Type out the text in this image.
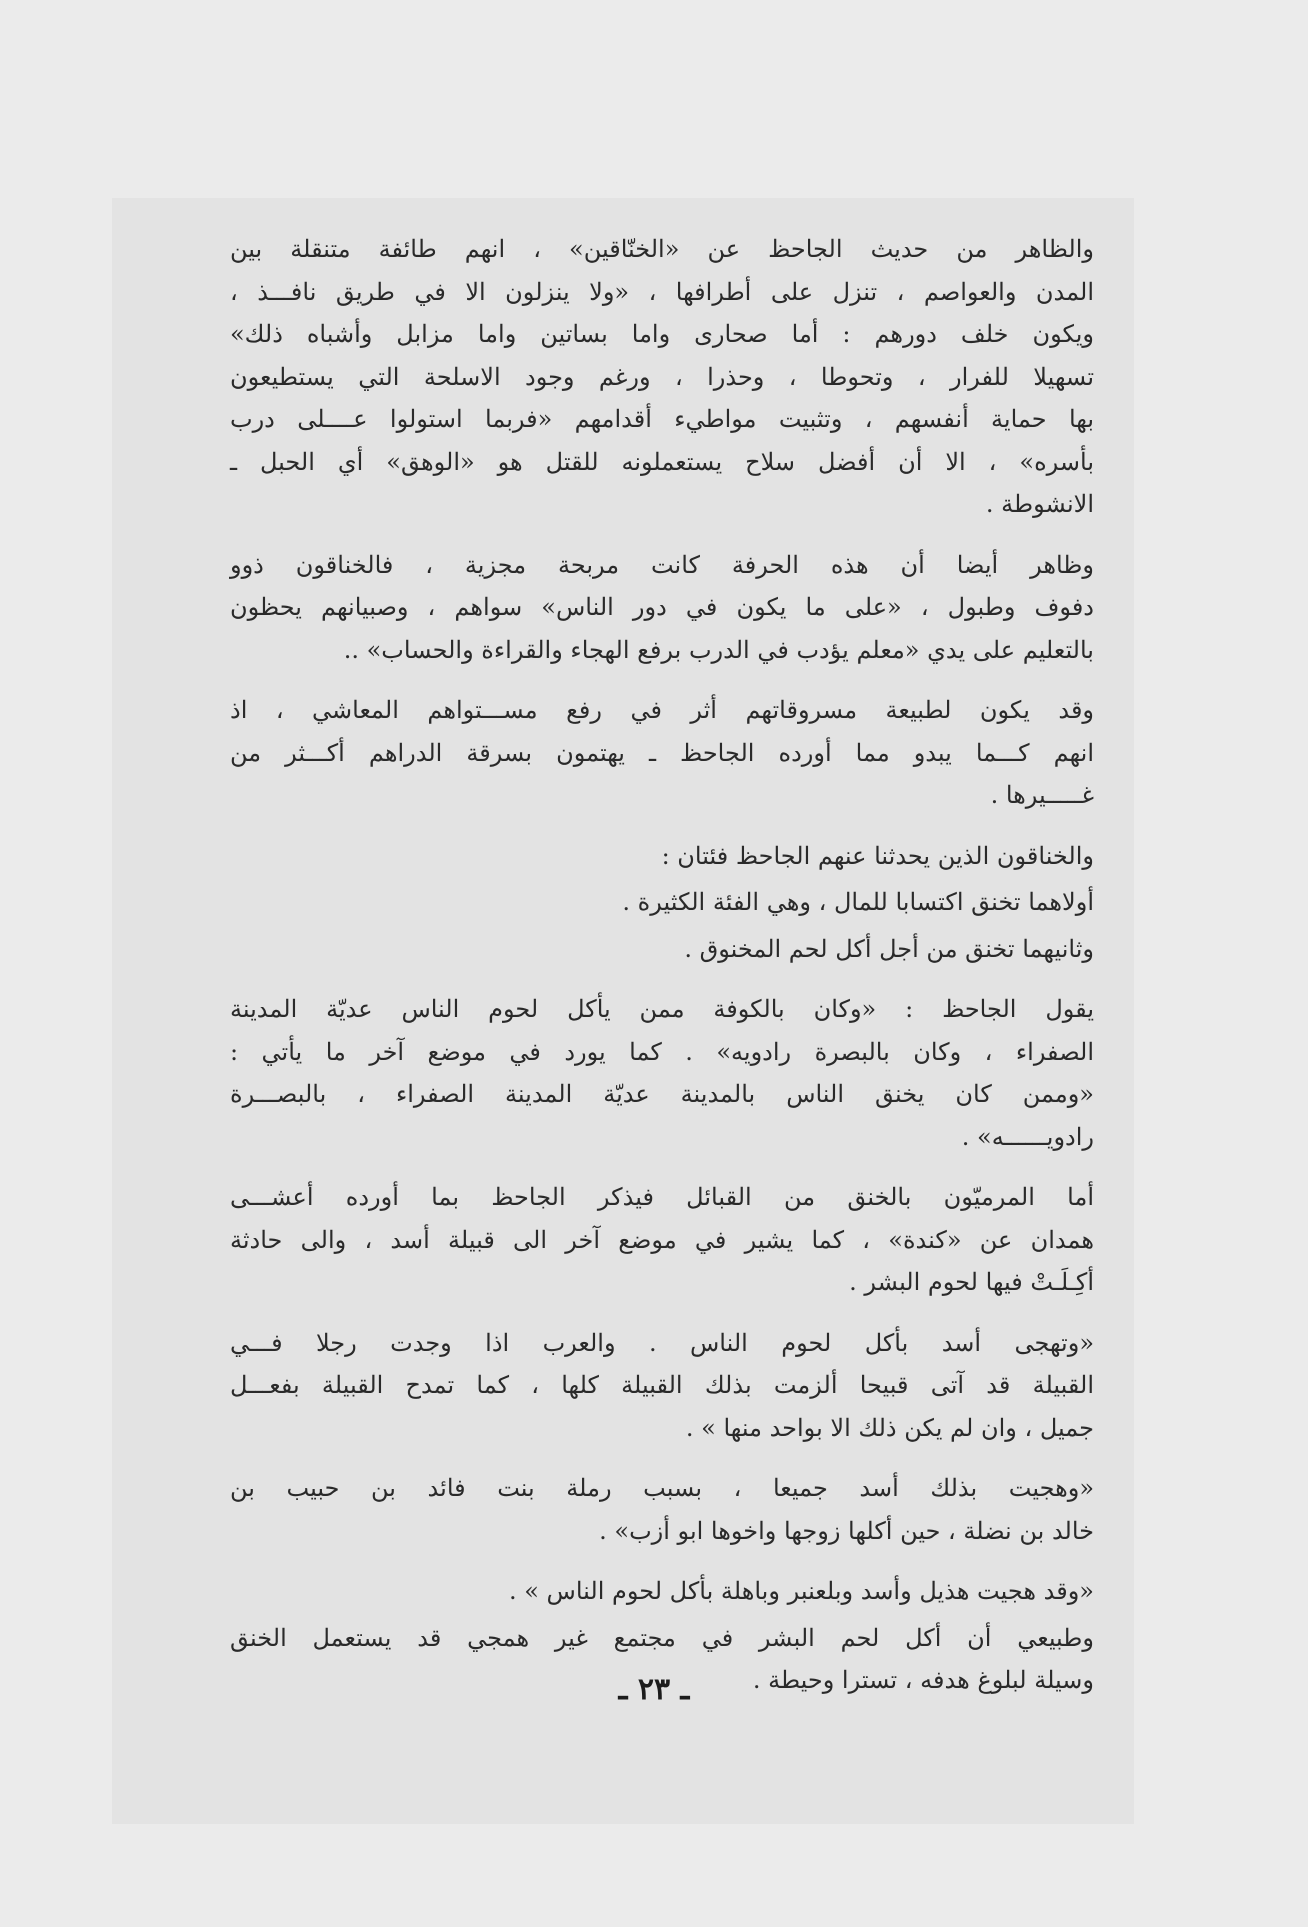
والظاهر من حديث الجاحظ عن «الخنّاقين» ، انهم طائفة متنقلة بين
المدن والعواصم ، تنزل على أطرافها ، «ولا ينزلون الا في طريق نافـــذ ،
ويكون خلف دورهم : أما صحارى واما بساتين واما مزابل وأشباه ذلك»
تسهيلا للفرار ، وتحوطا ، وحذرا ، ورغم وجود الاسلحة التي يستطيعون
بها حماية أنفسهم ، وتثبيت مواطيء أقدامهم «فربما استولوا عــــلى درب
بأسره» ، الا أن أفضل سلاح يستعملونه للقتل هو «الوهق» أي الحبل ـ
الانشوطة .

وظاهر أيضا أن هذه الحرفة كانت مربحة مجزية ، فالخناقون ذوو
دفوف وطبول ، «على ما يكون في دور الناس» سواهم ، وصبيانهم يحظون
بالتعليم على يدي «معلم يؤدب في الدرب برفع الهجاء والقراءة والحساب» ..

وقد يكون لطبيعة مسروقاتهم أثر في رفع مســـتواهم المعاشي ، اذ
انهم كـــما يبدو مما أورده الجاحظ ـ يهتمون بسرقة الدراهم أكـــثر من
غـــــيرها .

والخناقون الذين يحدثنا عنهم الجاحظ فئتان :

أولاهما تخنق اكتسابا للمال ، وهي الفئة الكثيرة .

وثانيهما تخنق من أجل أكل لحم المخنوق .

يقول الجاحظ : «وكان بالكوفة ممن يأكل لحوم الناس عديّة المدينة
الصفراء ، وكان بالبصرة رادويه» . كما يورد في موضع آخر ما يأتي :
«وممن كان يخنق الناس بالمدينة عديّة المدينة الصفراء ، بالبصـــرة
رادويــــــه» .

أما المرميّون بالخنق من القبائل فيذكر الجاحظ بما أورده أعشـــى
همدان عن «كندة» ، كما يشير في موضع آخر الى قبيلة أسد ، والى حادثة
أكِـلَـتْ فيها لحوم البشر .

«وتهجى أسد بأكل لحوم الناس . والعرب اذا وجدت رجلا فـــي
القبيلة قد آتى قبيحا ألزمت بذلك القبيلة كلها ، كما تمدح القبيلة بفعـــل
جميل ، وان لم يكن ذلك الا بواحد منها » .

«وهجيت بذلك أسد جميعا ، بسبب رملة بنت فائد بن حبيب بن
خالد بن نضلة ، حين أكلها زوجها واخوها ابو أزب» .

«وقد هجيت هذيل وأسد وبلعنبر وباهلة بأكل لحوم الناس » .

وطبيعي أن أكل لحم البشر في مجتمع غير همجي قد يستعمل الخنق
وسيلة لبلوغ هدفه ، تسترا وحيطة .

ـ ٢٣ ـ
